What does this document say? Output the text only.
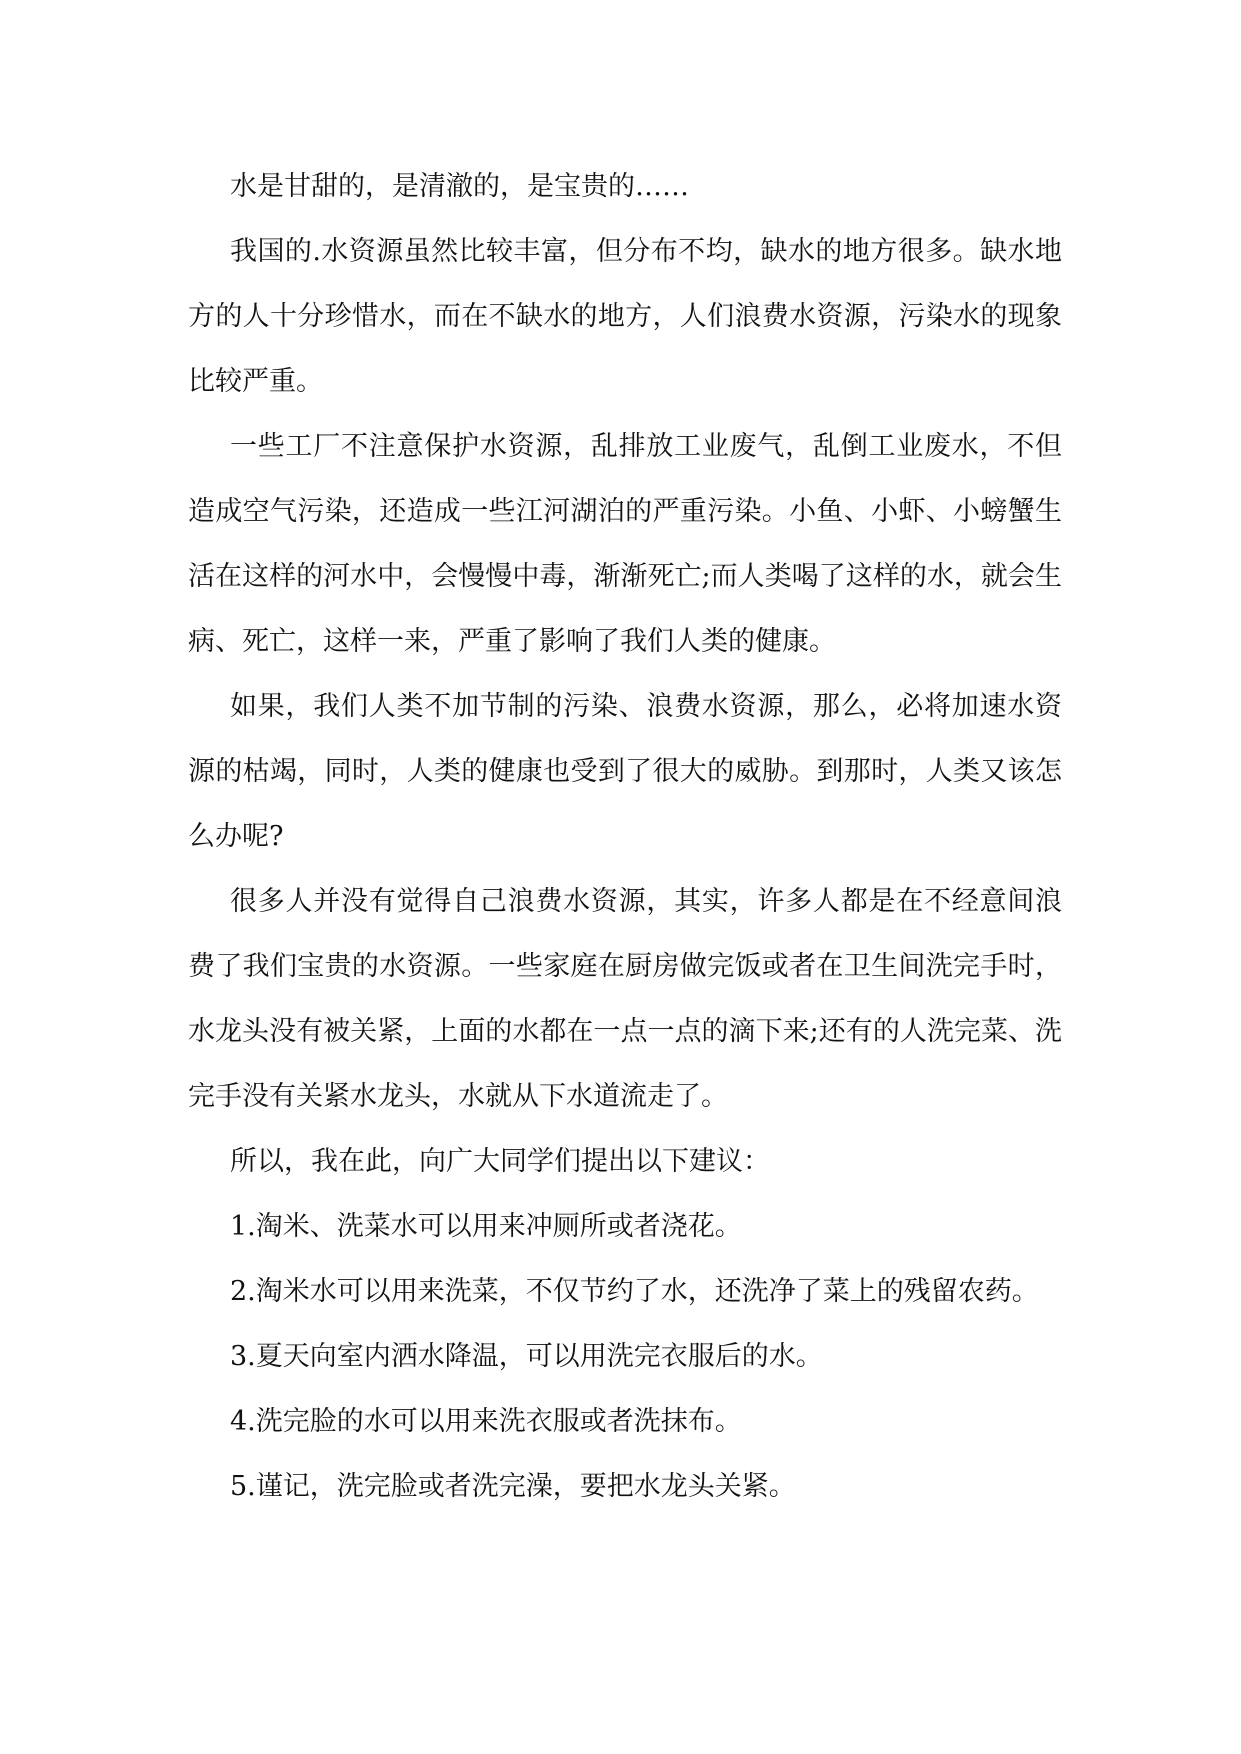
水是甘甜的，是清澈的，是宝贵的……

我国的.水资源虽然比较丰富，但分布不均，缺水的地方很多。缺水地方的人十分珍惜水，而在不缺水的地方，人们浪费水资源，污染水的现象比较严重。

一些工厂不注意保护水资源，乱排放工业废气，乱倒工业废水，不但造成空气污染，还造成一些江河湖泊的严重污染。小鱼、小虾、小螃蟹生活在这样的河水中，会慢慢中毒，渐渐死亡;而人类喝了这样的水，就会生病、死亡，这样一来，严重了影响了我们人类的健康。

如果，我们人类不加节制的污染、浪费水资源，那么，必将加速水资源的枯竭，同时，人类的健康也受到了很大的威胁。到那时，人类又该怎么办呢?

很多人并没有觉得自己浪费水资源，其实，许多人都是在不经意间浪费了我们宝贵的水资源。一些家庭在厨房做完饭或者在卫生间洗完手时，水龙头没有被关紧，上面的水都在一点一点的滴下来;还有的人洗完菜、洗完手没有关紧水龙头，水就从下水道流走了。

所以，我在此，向广大同学们提出以下建议：

1.淘米、洗菜水可以用来冲厕所或者浇花。

2.淘米水可以用来洗菜，不仅节约了水，还洗净了菜上的残留农药。

3.夏天向室内洒水降温，可以用洗完衣服后的水。

4.洗完脸的水可以用来洗衣服或者洗抹布。

5.谨记，洗完脸或者洗完澡，要把水龙头关紧。
